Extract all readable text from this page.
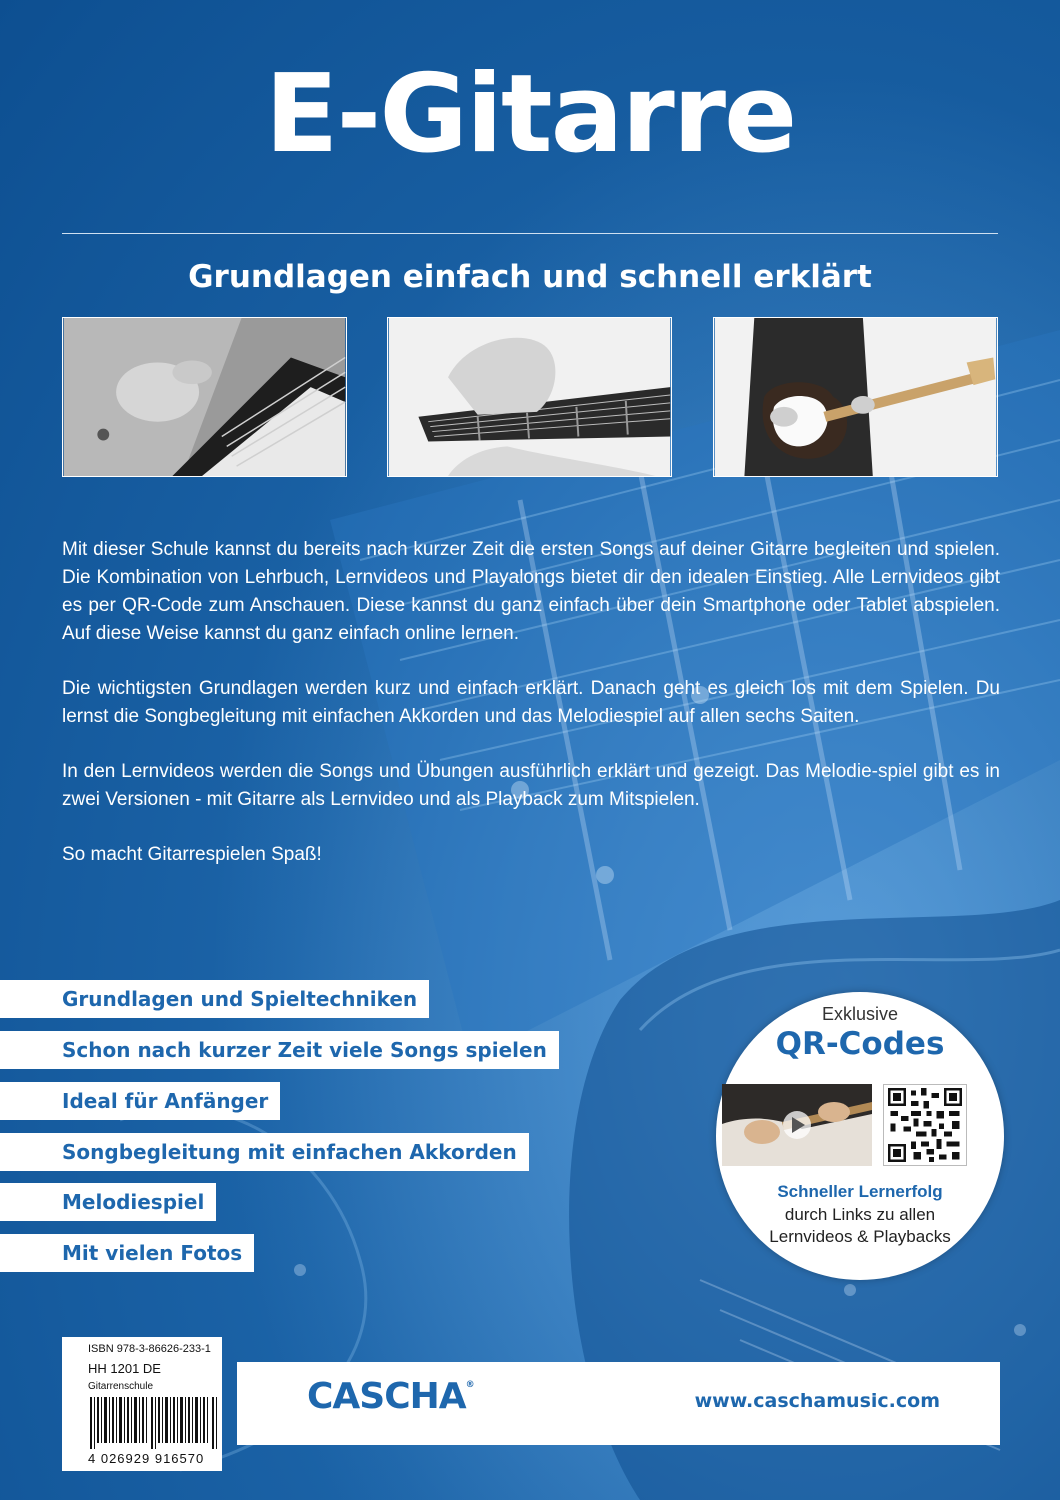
E-Gitarre
Grundlagen einfach und schnell erklärt

Mit dieser Schule kannst du bereits nach kurzer Zeit die ersten Songs auf deiner Gitarre begleiten und spielen. Die Kombination von Lehrbuch, Lernvideos und Playalongs bietet dir den idealen Einstieg. Alle Lernvideos gibt es per QR-Code zum Anschauen. Diese kannst du ganz einfach über dein Smartphone oder Tablet abspielen. Auf diese Weise kannst du ganz einfach online lernen.

Die wichtigsten Grundlagen werden kurz und einfach erklärt. Danach geht es gleich los mit dem Spielen. Du lernst die Songbegleitung mit einfachen Akkorden und das Melodiespiel auf allen sechs Saiten.

In den Lernvideos werden die Songs und Übungen ausführlich erklärt und gezeigt. Das Melodie-spiel gibt es in zwei Versionen - mit Gitarre als Lernvideo und als Playback zum Mitspielen.

So macht Gitarrespielen Spaß!

Grundlagen und Spieltechniken
Schon nach kurzer Zeit viele Songs spielen
Ideal für Anfänger
Songbegleitung mit einfachen Akkorden
Melodiespiel
Mit vielen Fotos
Exklusive
QR-Codes
Schneller Lernerfolg
durch Links zu allen Lernvideos & Playbacks
ISBN 978-3-86626-233-1
HH 1201 DE
Gitarrenschule
4 026929 916570
CASCHA®
www.caschamusic.com
